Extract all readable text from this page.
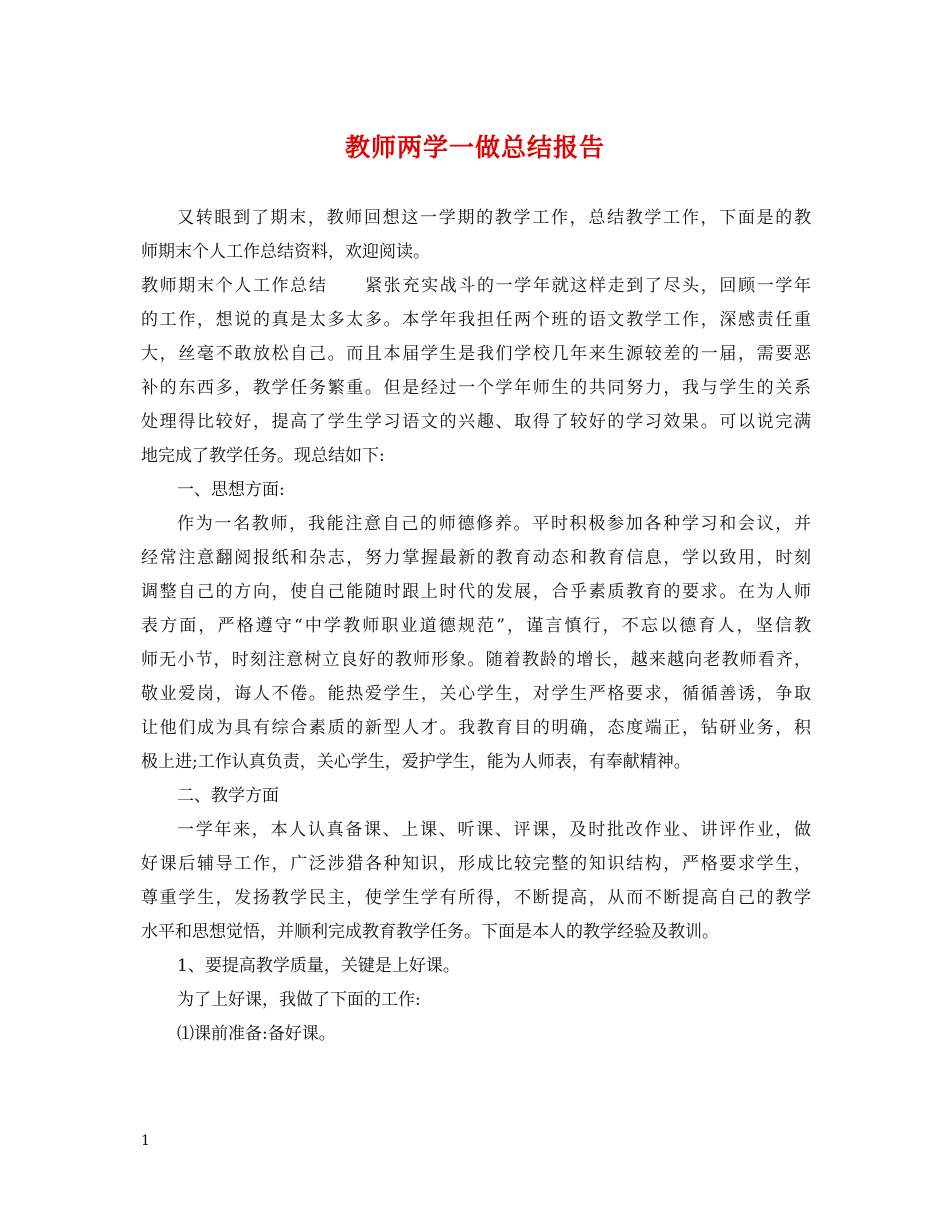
教师两学一做总结报告
又转眼到了期末，教师回想这一学期的教学工作，总结教学工作，下面是的教
师期末个人工作总结资料，欢迎阅读。
教师期末个人工作总结 紧张充实战斗的一学年就这样走到了尽头，回顾一学年
的工作，想说的真是太多太多。本学年我担任两个班的语文教学工作，深感责任重
大，丝毫不敢放松自己。而且本届学生是我们学校几年来生源较差的一届，需要恶
补的东西多，教学任务繁重。但是经过一个学年师生的共同努力，我与学生的关系
处理得比较好，提高了学生学习语文的兴趣、取得了较好的学习效果。可以说完满
地完成了教学任务。现总结如下:
一、思想方面:
作为一名教师，我能注意自己的师德修养。平时积极参加各种学习和会议，并
经常注意翻阅报纸和杂志，努力掌握最新的教育动态和教育信息，学以致用，时刻
调整自己的方向，使自己能随时跟上时代的发展，合乎素质教育的要求。在为人师
表方面，严格遵守“中学教师职业道德规范”，谨言慎行，不忘以德育人，坚信教
师无小节，时刻注意树立良好的教师形象。随着教龄的增长，越来越向老教师看齐，
敬业爱岗，诲人不倦。能热爱学生，关心学生，对学生严格要求，循循善诱，争取
让他们成为具有综合素质的新型人才。我教育目的明确，态度端正，钻研业务，积
极上进;工作认真负责，关心学生，爱护学生，能为人师表，有奉献精神。
二、教学方面
一学年来，本人认真备课、上课、听课、评课，及时批改作业、讲评作业，做
好课后辅导工作，广泛涉猎各种知识，形成比较完整的知识结构，严格要求学生，
尊重学生，发扬教学民主，使学生学有所得，不断提高，从而不断提高自己的教学
水平和思想觉悟，并顺利完成教育教学任务。下面是本人的教学经验及教训。
1、要提高教学质量，关键是上好课。
为了上好课，我做了下面的工作:
⑴课前准备:备好课。
1
